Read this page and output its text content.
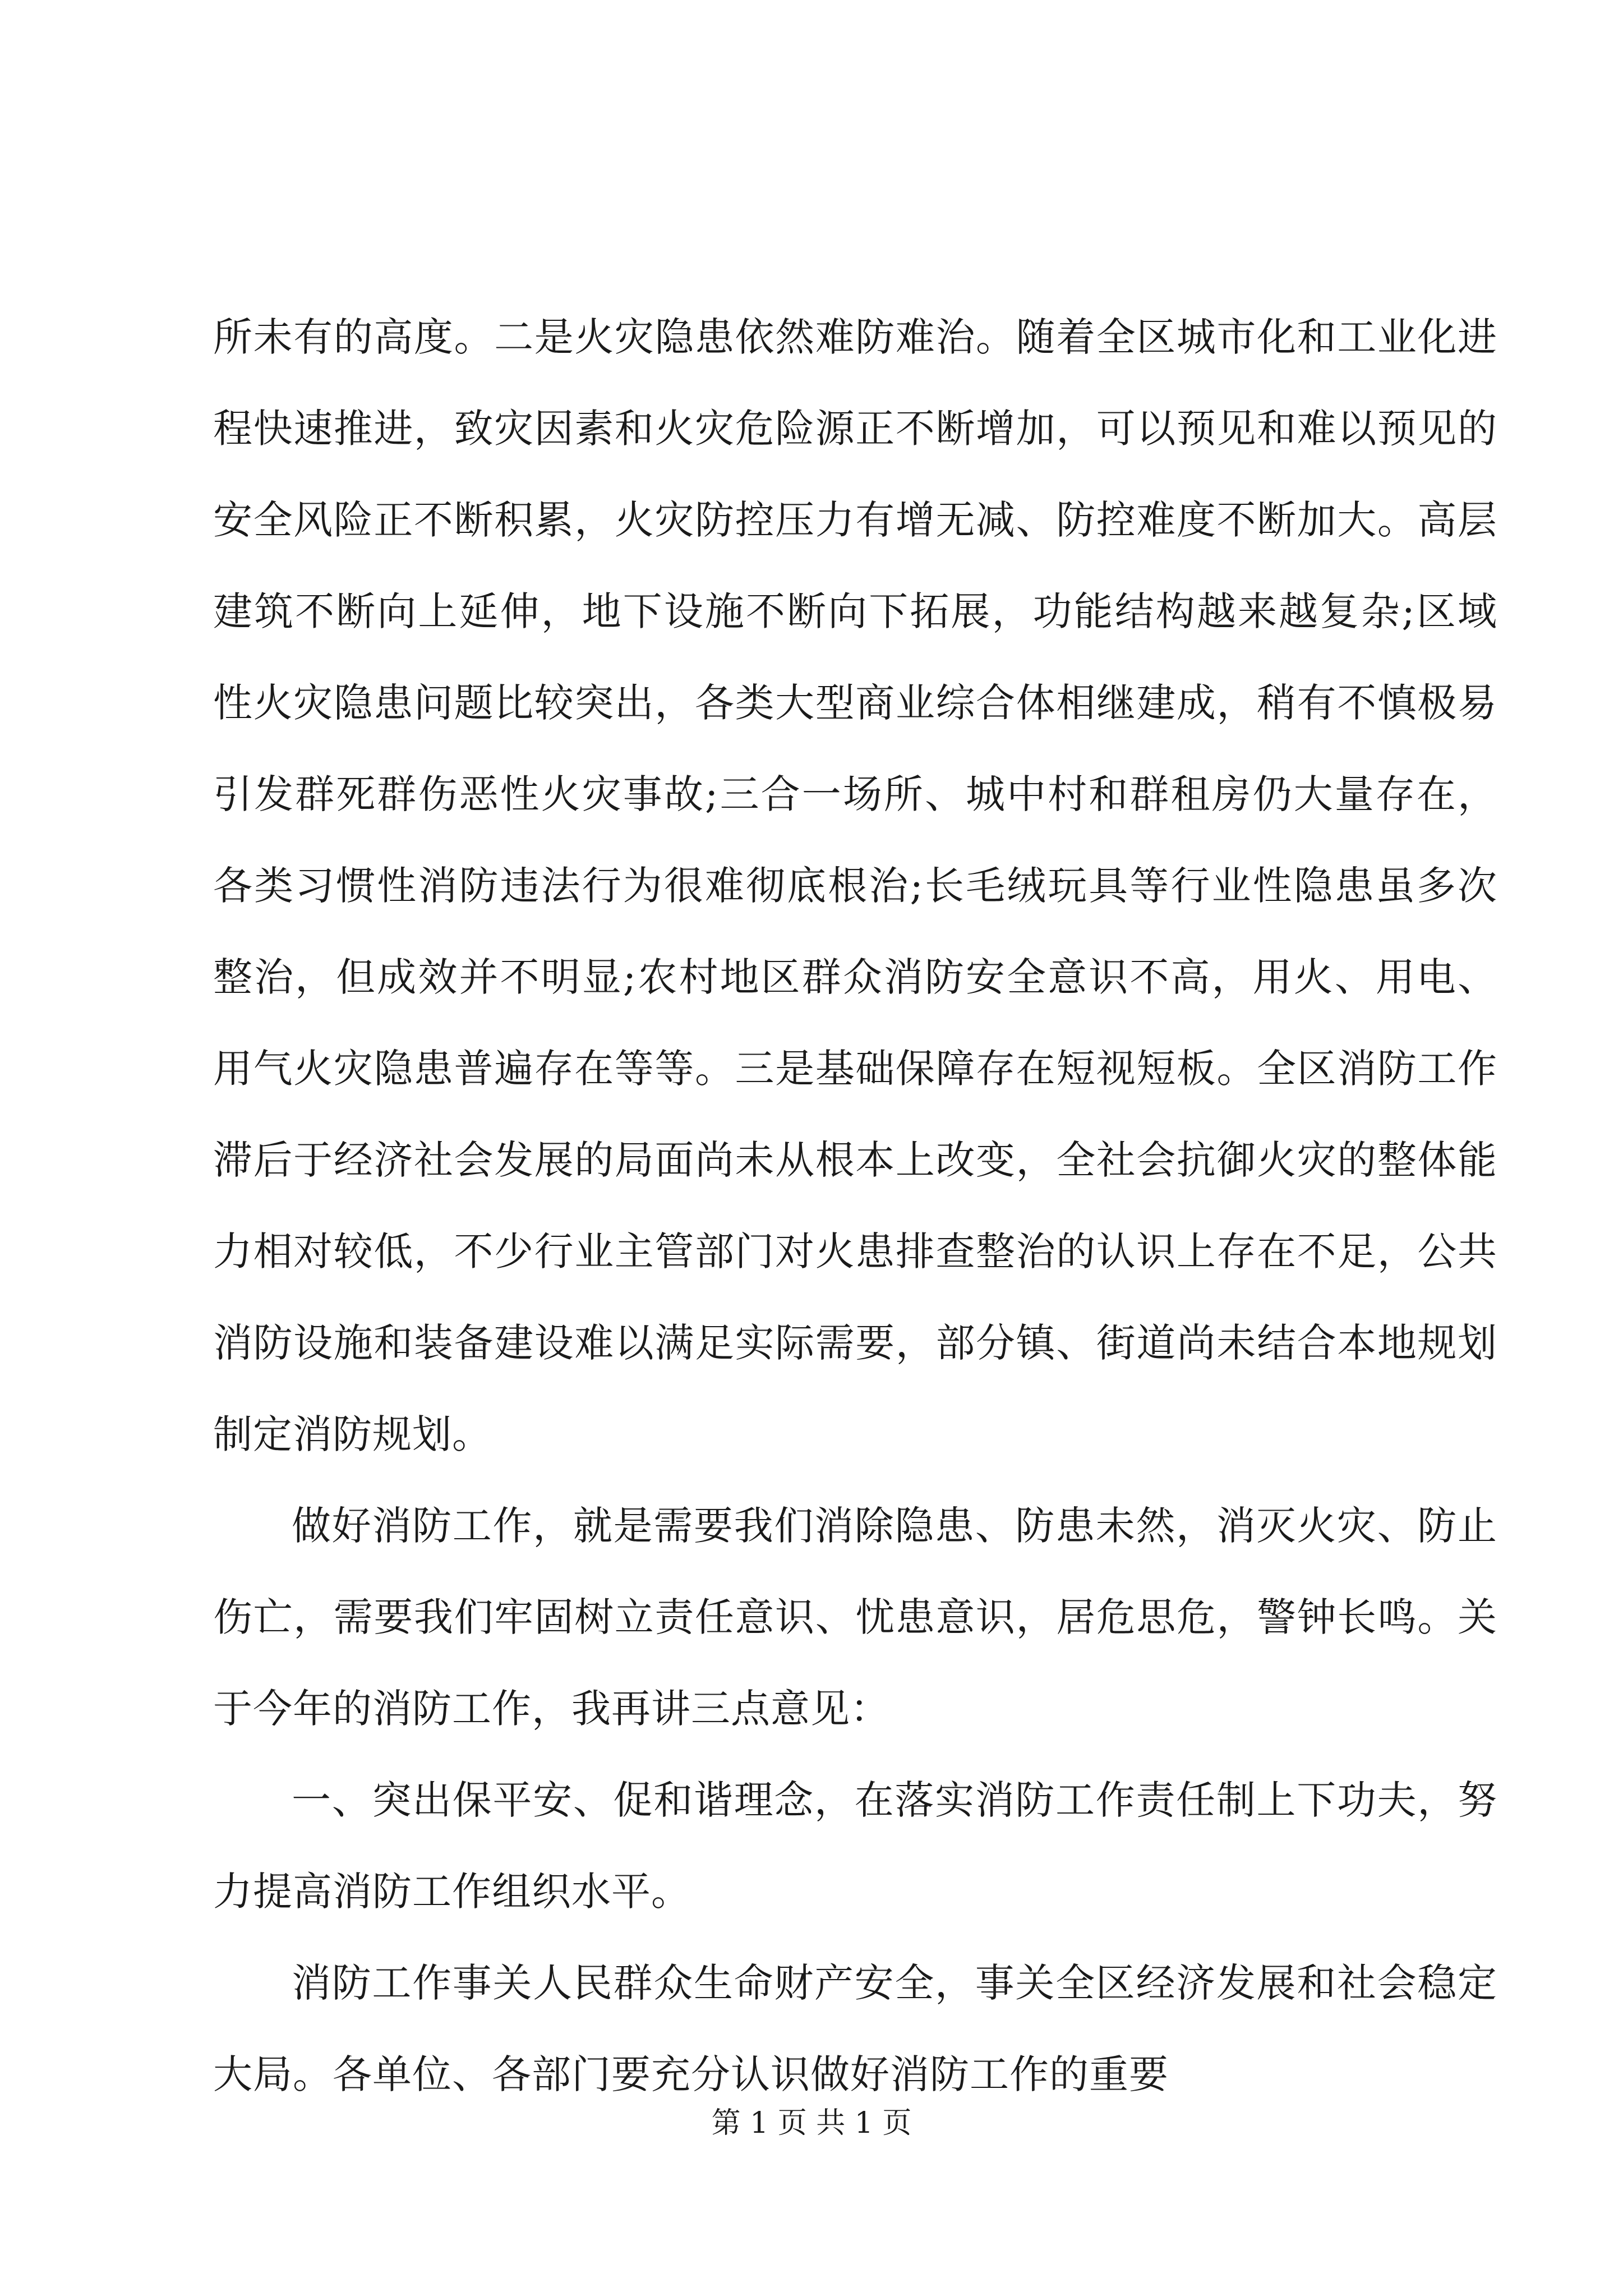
所未有的高度。二是火灾隐患依然难防难治。随着全区城市化和工业化进程快速推进，致灾因素和火灾危险源正不断增加，可以预见和难以预见的安全风险正不断积累，火灾防控压力有增无减、防控难度不断加大。高层建筑不断向上延伸，地下设施不断向下拓展，功能结构越来越复杂;区域性火灾隐患问题比较突出，各类大型商业综合体相继建成，稍有不慎极易引发群死群伤恶性火灾事故;三合一场所、城中村和群租房仍大量存在，各类习惯性消防违法行为很难彻底根治;长毛绒玩具等行业性隐患虽多次整治，但成效并不明显;农村地区群众消防安全意识不高，用火、用电、用气火灾隐患普遍存在等等。三是基础保障存在短视短板。全区消防工作滞后于经济社会发展的局面尚未从根本上改变，全社会抗御火灾的整体能力相对较低，不少行业主管部门对火患排查整治的认识上存在不足，公共消防设施和装备建设难以满足实际需要，部分镇、街道尚未结合本地规划制定消防规划。

做好消防工作，就是需要我们消除隐患、防患未然，消灭火灾、防止伤亡，需要我们牢固树立责任意识、忧患意识，居危思危，警钟长鸣。关于今年的消防工作，我再讲三点意见：

一、突出保平安、促和谐理念，在落实消防工作责任制上下功夫，努力提高消防工作组织水平。

消防工作事关人民群众生命财产安全，事关全区经济发展和社会稳定大局。各单位、各部门要充分认识做好消防工作的重要

第 1 页 共 1 页
